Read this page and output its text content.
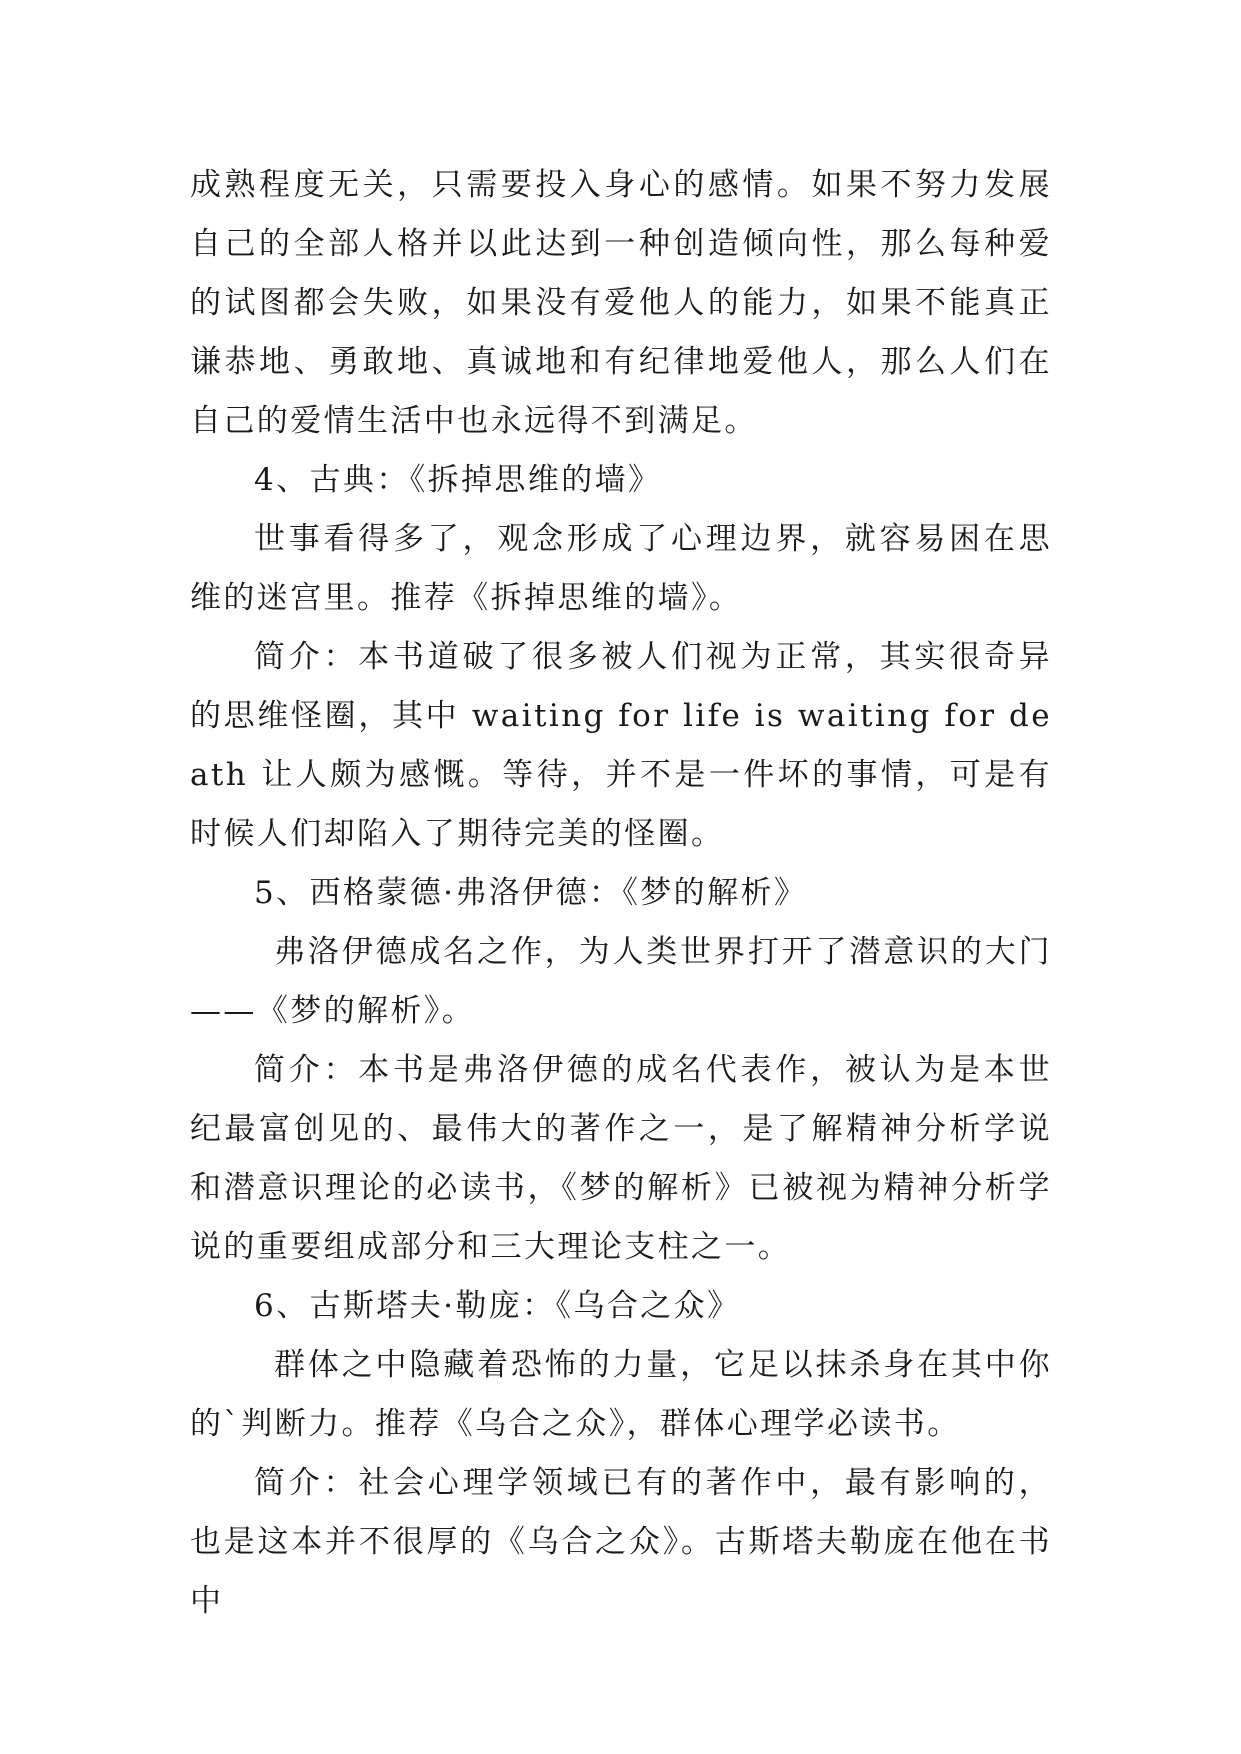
成熟程度无关，只需要投入身心的感情。如果不努力发展自己的全部人格并以此达到一种创造倾向性，那么每种爱的试图都会失败，如果没有爱他人的能力，如果不能真正谦恭地、勇敢地、真诚地和有纪律地爱他人，那么人们在自己的爱情生活中也永远得不到满足。

4、古典：《拆掉思维的墙》

世事看得多了，观念形成了心理边界，就容易困在思维的迷宫里。推荐《拆掉思维的墙》。

简介：本书道破了很多被人们视为正常，其实很奇异的思维怪圈，其中 waiting for life is waiting for death 让人颇为感慨。等待，并不是一件坏的事情，可是有时候人们却陷入了期待完美的怪圈。

5、西格蒙德·弗洛伊德：《梦的解析》

弗洛伊德成名之作，为人类世界打开了潜意识的大门——《梦的解析》。

简介：本书是弗洛伊德的成名代表作，被认为是本世纪最富创见的、最伟大的著作之一，是了解精神分析学说和潜意识理论的必读书，《梦的解析》已被视为精神分析学说的重要组成部分和三大理论支柱之一。

6、古斯塔夫·勒庞：《乌合之众》

群体之中隐藏着恐怖的力量，它足以抹杀身在其中你的`判断力。推荐《乌合之众》，群体心理学必读书。

简介：社会心理学领域已有的著作中，最有影响的，也是这本并不很厚的《乌合之众》。古斯塔夫勒庞在他在书中
